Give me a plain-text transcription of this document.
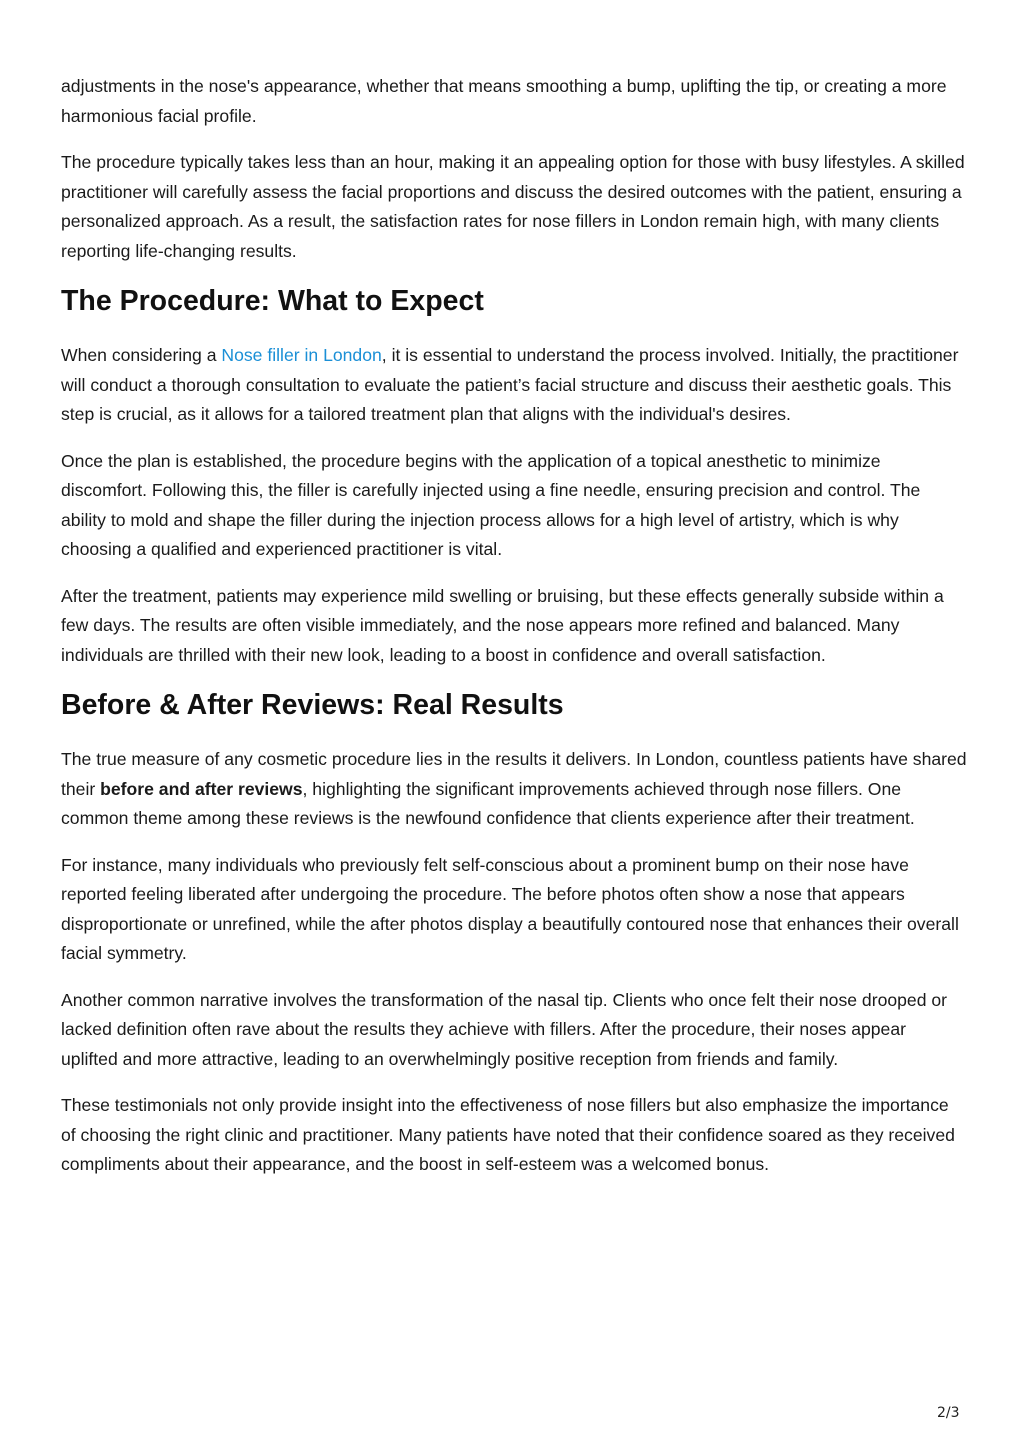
adjustments in the nose's appearance, whether that means smoothing a bump, uplifting the tip, or creating a more harmonious facial profile.

The procedure typically takes less than an hour, making it an appealing option for those with busy lifestyles. A skilled practitioner will carefully assess the facial proportions and discuss the desired outcomes with the patient, ensuring a personalized approach. As a result, the satisfaction rates for nose fillers in London remain high, with many clients reporting life-changing results.

The Procedure: What to Expect

When considering a Nose filler in London, it is essential to understand the process involved. Initially, the practitioner will conduct a thorough consultation to evaluate the patient’s facial structure and discuss their aesthetic goals. This step is crucial, as it allows for a tailored treatment plan that aligns with the individual's desires.

Once the plan is established, the procedure begins with the application of a topical anesthetic to minimize discomfort. Following this, the filler is carefully injected using a fine needle, ensuring precision and control. The ability to mold and shape the filler during the injection process allows for a high level of artistry, which is why choosing a qualified and experienced practitioner is vital.

After the treatment, patients may experience mild swelling or bruising, but these effects generally subside within a few days. The results are often visible immediately, and the nose appears more refined and balanced. Many individuals are thrilled with their new look, leading to a boost in confidence and overall satisfaction.

Before & After Reviews: Real Results

The true measure of any cosmetic procedure lies in the results it delivers. In London, countless patients have shared their before and after reviews, highlighting the significant improvements achieved through nose fillers. One common theme among these reviews is the newfound confidence that clients experience after their treatment.

For instance, many individuals who previously felt self-conscious about a prominent bump on their nose have reported feeling liberated after undergoing the procedure. The before photos often show a nose that appears disproportionate or unrefined, while the after photos display a beautifully contoured nose that enhances their overall facial symmetry.

Another common narrative involves the transformation of the nasal tip. Clients who once felt their nose drooped or lacked definition often rave about the results they achieve with fillers. After the procedure, their noses appear uplifted and more attractive, leading to an overwhelmingly positive reception from friends and family.

These testimonials not only provide insight into the effectiveness of nose fillers but also emphasize the importance of choosing the right clinic and practitioner. Many patients have noted that their confidence soared as they received compliments about their appearance, and the boost in self-esteem was a welcomed bonus.

2/3
